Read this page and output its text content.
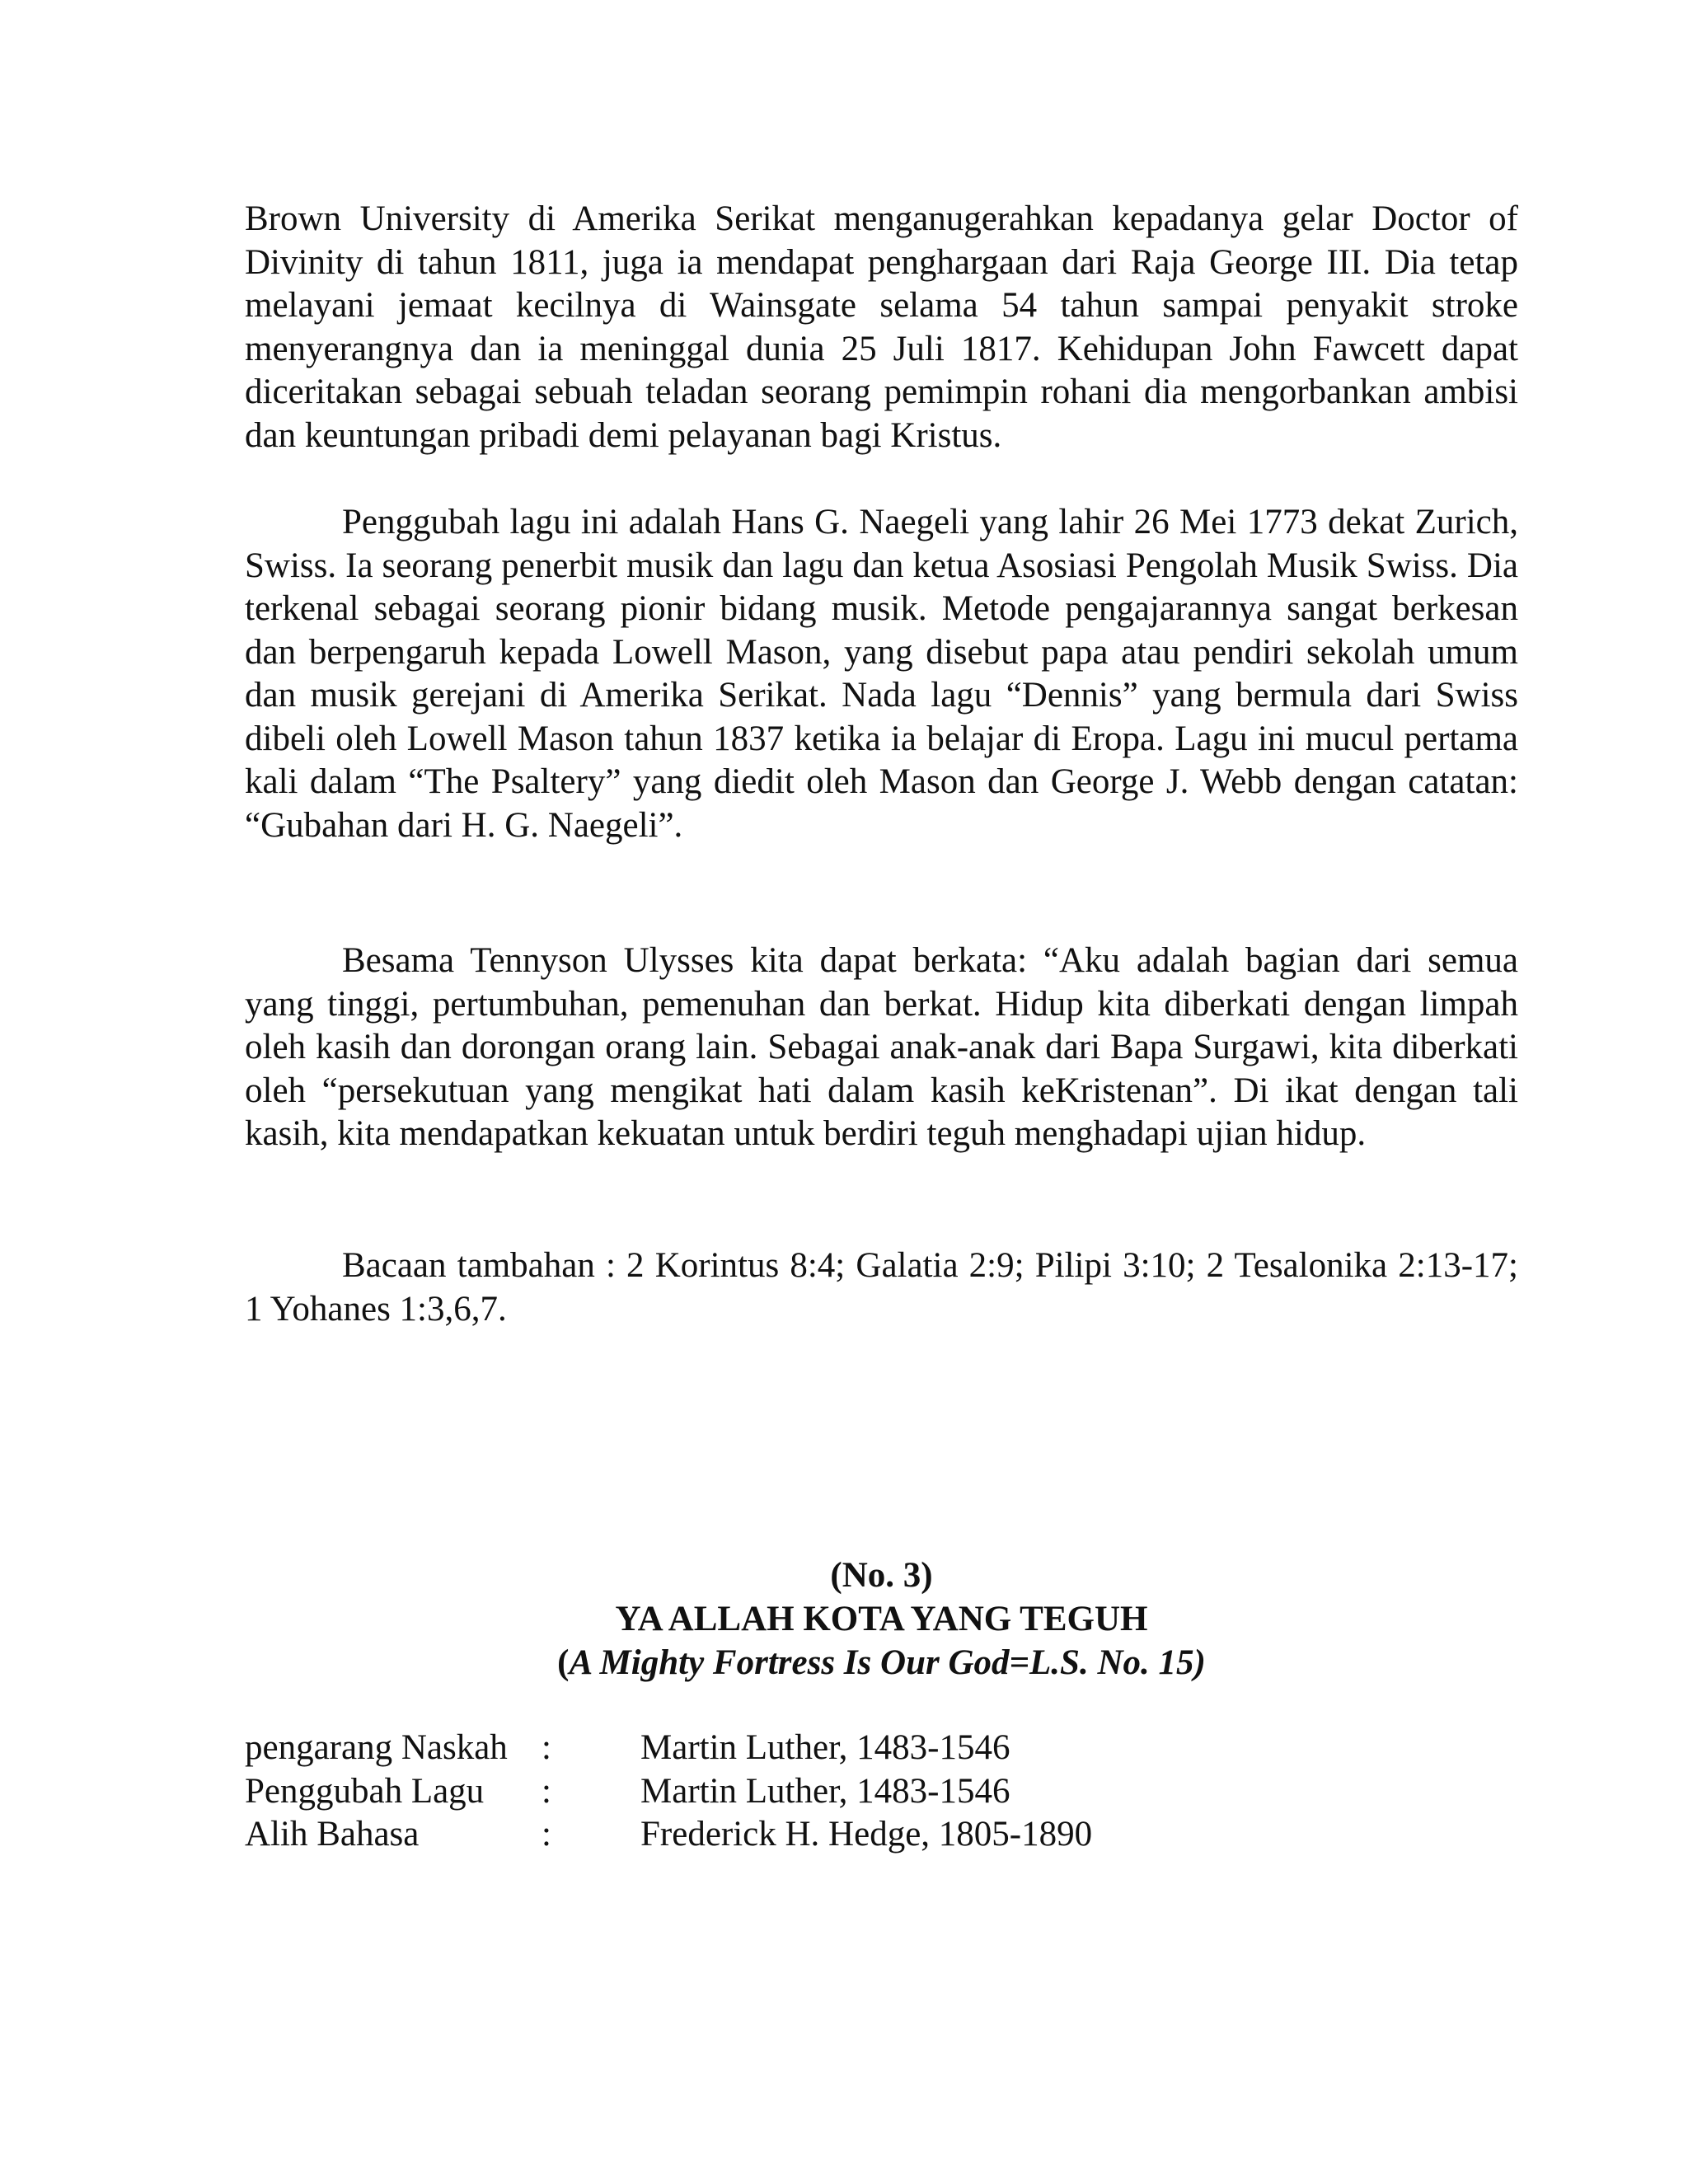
Brown University di Amerika Serikat menganugerahkan kepadanya gelar Doctor of Divinity di tahun 1811, juga ia mendapat penghargaan dari Raja George III. Dia tetap melayani jemaat kecilnya di Wainsgate selama 54 tahun sampai penyakit stroke menyerangnya dan ia meninggal dunia 25 Juli 1817. Kehidupan John Fawcett dapat diceritakan sebagai sebuah teladan seorang pemimpin rohani dia mengorbankan ambisi dan keuntungan pribadi demi pelayanan bagi Kristus.

Penggubah lagu ini adalah Hans G. Naegeli yang lahir 26 Mei 1773 dekat Zurich, Swiss. Ia seorang penerbit musik dan lagu dan ketua Asosiasi Pengolah Musik Swiss. Dia terkenal sebagai seorang pionir bidang musik. Metode pengajarannya sangat berkesan dan berpengaruh kepada Lowell Mason, yang disebut papa atau pendiri sekolah umum dan musik gerejani di Amerika Serikat. Nada lagu “Dennis” yang bermula dari Swiss dibeli oleh Lowell Mason tahun 1837 ketika ia belajar di Eropa. Lagu ini mucul pertama kali dalam “The Psaltery” yang diedit oleh Mason dan George J. Webb dengan catatan: “Gubahan dari H. G. Naegeli”.

Besama Tennyson Ulysses kita dapat berkata: “Aku adalah bagian dari semua yang tinggi, pertumbuhan, pemenuhan dan berkat. Hidup kita diberkati dengan limpah oleh kasih dan dorongan orang lain. Sebagai anak-anak dari Bapa Surgawi, kita diberkati oleh “persekutuan yang mengikat hati dalam kasih keKristenan”. Di ikat dengan tali kasih, kita mendapatkan kekuatan untuk berdiri teguh menghadapi ujian hidup.

Bacaan tambahan : 2 Korintus 8:4; Galatia 2:9; Pilipi 3:10; 2 Tesalonika 2:13-17; 1 Yohanes 1:3,6,7.

(No. 3)
YA ALLAH KOTA YANG TEGUH
(A Mighty Fortress Is Our God=L.S. No. 15)
pengarang Naskah :	Martin Luther, 1483-1546
Penggubah Lagu	:	Martin Luther, 1483-1546
Alih Bahasa	:	Frederick H. Hedge, 1805-1890
